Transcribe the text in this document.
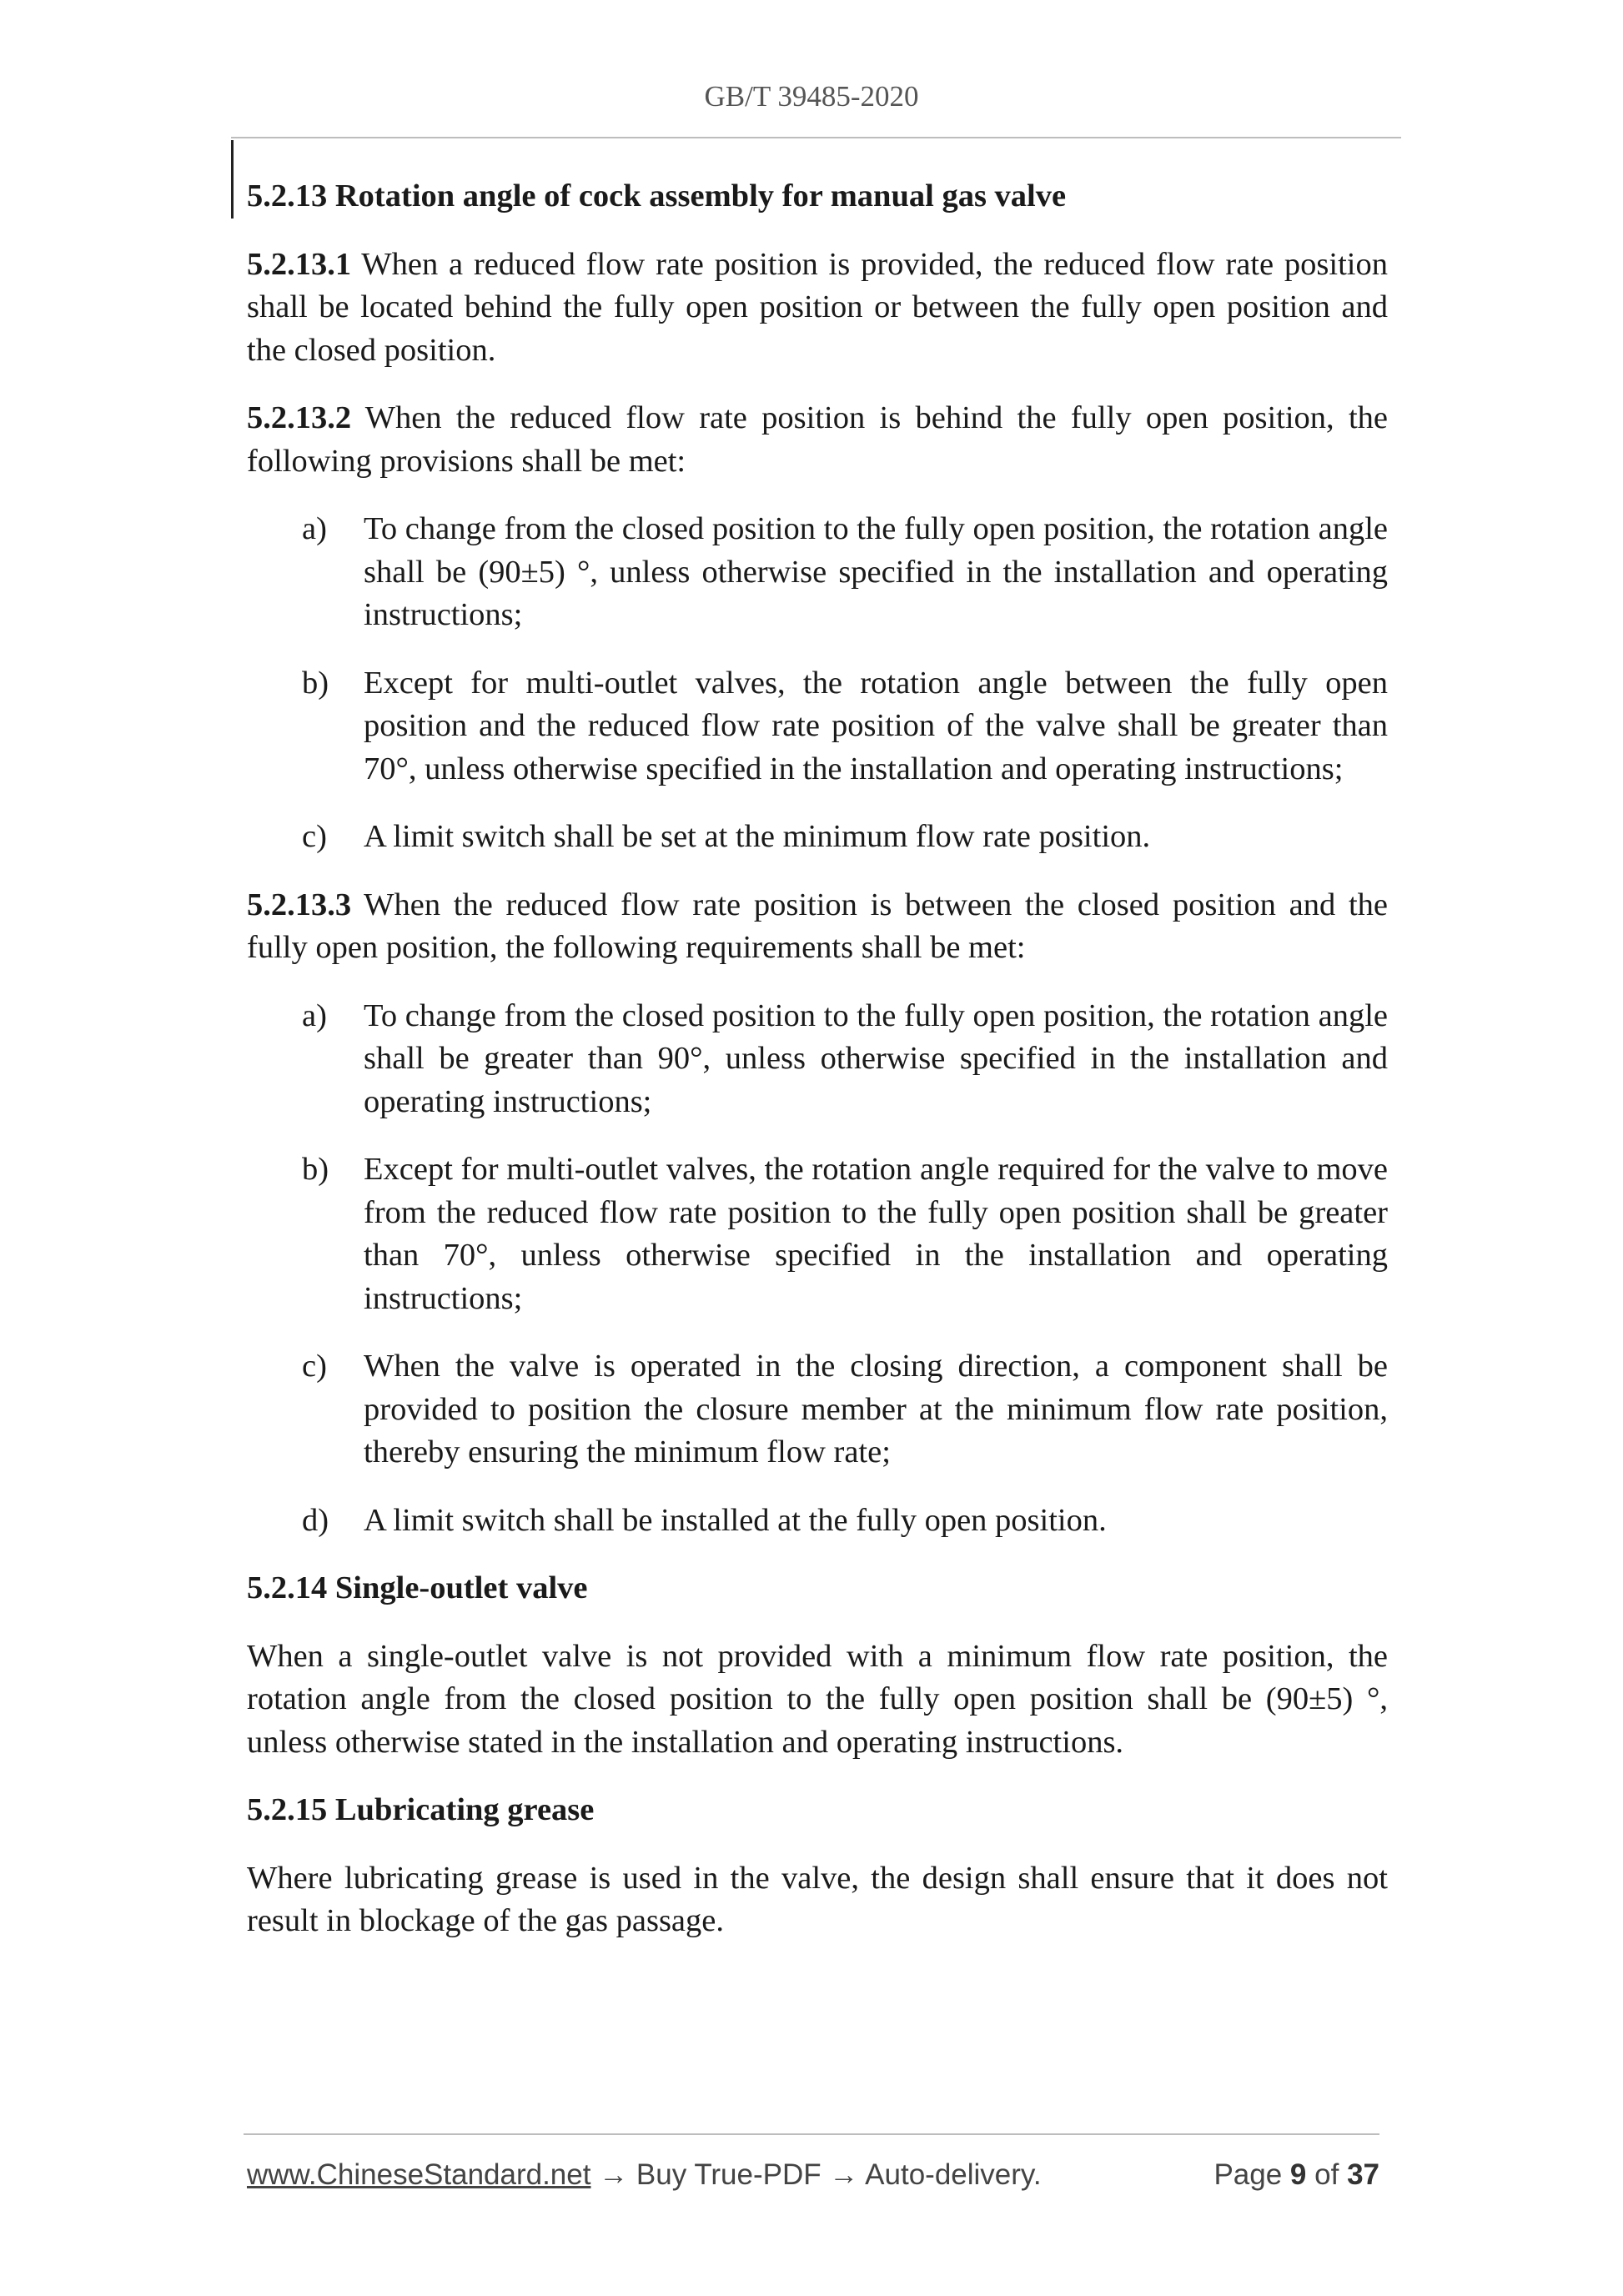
GB/T 39485-2020

5.2.13 Rotation angle of cock assembly for manual gas valve

5.2.13.1 When a reduced flow rate position is provided, the reduced flow rate position shall be located behind the fully open position or between the fully open position and the closed position.

5.2.13.2 When the reduced flow rate position is behind the fully open position, the following provisions shall be met:

a) To change from the closed position to the fully open position, the rotation angle shall be (90±5) °, unless otherwise specified in the installation and operating instructions;
b) Except for multi-outlet valves, the rotation angle between the fully open position and the reduced flow rate position of the valve shall be greater than 70°, unless otherwise specified in the installation and operating instructions;
c) A limit switch shall be set at the minimum flow rate position.

5.2.13.3 When the reduced flow rate position is between the closed position and the fully open position, the following requirements shall be met:

a) To change from the closed position to the fully open position, the rotation angle shall be greater than 90°, unless otherwise specified in the installation and operating instructions;
b) Except for multi-outlet valves, the rotation angle required for the valve to move from the reduced flow rate position to the fully open position shall be greater than 70°, unless otherwise specified in the installation and operating instructions;
c) When the valve is operated in the closing direction, a component shall be provided to position the closure member at the minimum flow rate position, thereby ensuring the minimum flow rate;
d) A limit switch shall be installed at the fully open position.

5.2.14 Single-outlet valve

When a single-outlet valve is not provided with a minimum flow rate position, the rotation angle from the closed position to the fully open position shall be (90±5) °, unless otherwise stated in the installation and operating instructions.

5.2.15 Lubricating grease

Where lubricating grease is used in the valve, the design shall ensure that it does not result in blockage of the gas passage.

www.ChineseStandard.net → Buy True-PDF → Auto-delivery.	Page 9 of 37
